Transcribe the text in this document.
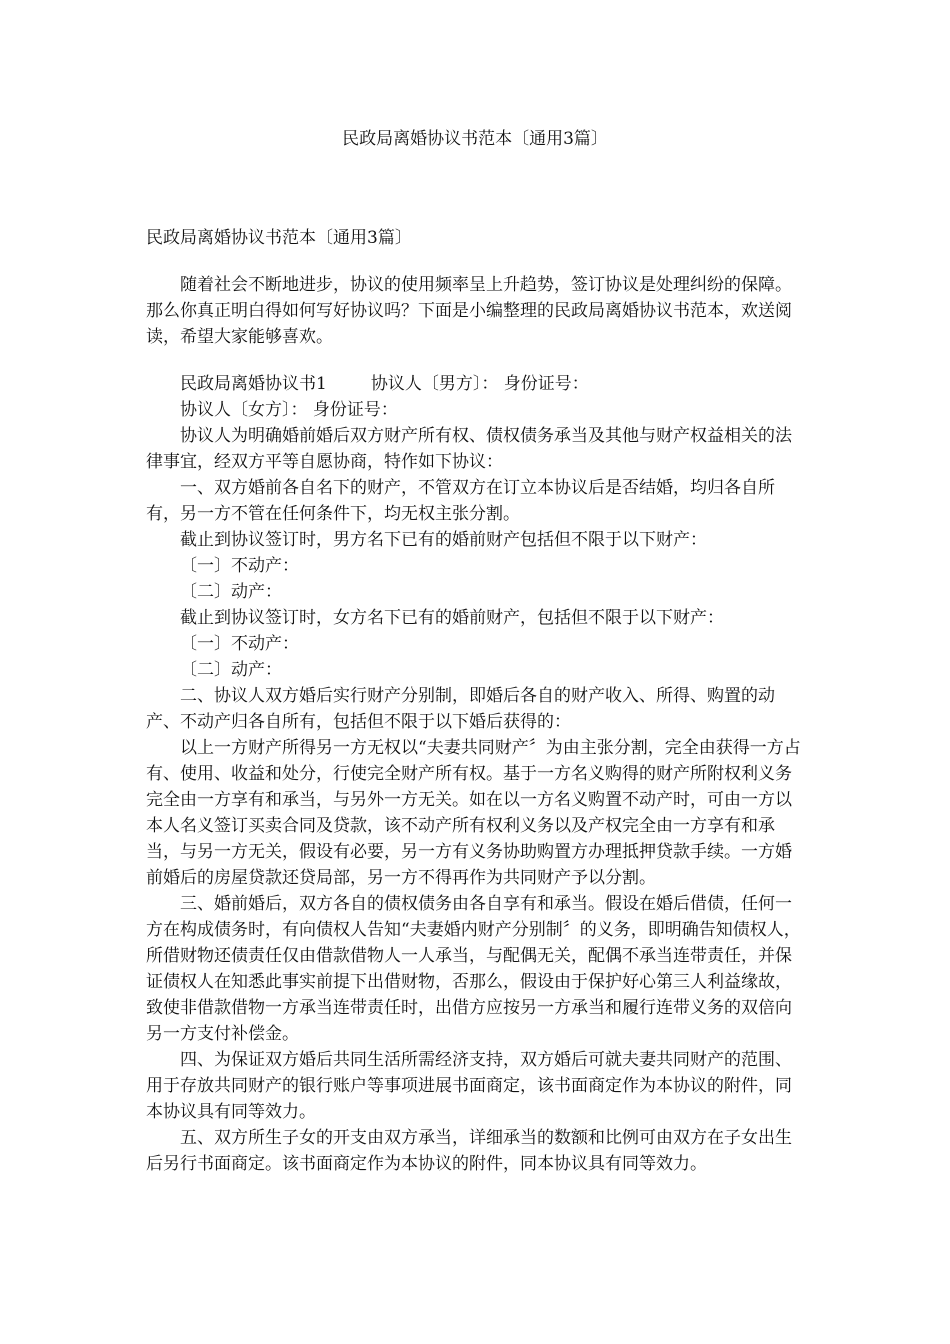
民政局离婚协议书范本〔通用3篇〕

民政局离婚协议书范本〔通用3篇〕

随着社会不断地进步，协议的使用频率呈上升趋势，签订协议是处理纠纷的保障。那么你真正明白得如何写好协议吗？下面是小编整理的民政局离婚协议书范本，欢送阅读，希望大家能够喜欢。

民政局离婚协议书1	协议人〔男方〕： 身份证号：

协议人〔女方〕： 身份证号：

协议人为明确婚前婚后双方财产所有权、债权债务承当及其他与财产权益相关的法律事宜，经双方平等自愿协商，特作如下协议：

一、双方婚前各自名下的财产，不管双方在订立本协议后是否结婚，均归各自所有，另一方不管在任何条件下，均无权主张分割。

截止到协议签订时，男方名下已有的婚前财产包括但不限于以下财产：

〔一〕不动产：

〔二〕动产：

截止到协议签订时，女方名下已有的婚前财产，包括但不限于以下财产：

〔一〕不动产：

〔二〕动产：

二、协议人双方婚后实行财产分别制，即婚后各自的财产收入、所得、购置的动产、不动产归各自所有，包括但不限于以下婚后获得的：

以上一方财产所得另一方无权以“夫妻共同财产〞为由主张分割，完全由获得一方占有、使用、收益和处分，行使完全财产所有权。基于一方名义购得的财产所附权利义务完全由一方享有和承当，与另外一方无关。如在以一方名义购置不动产时，可由一方以本人名义签订买卖合同及贷款，该不动产所有权利义务以及产权完全由一方享有和承当，与另一方无关，假设有必要，另一方有义务协助购置方办理抵押贷款手续。一方婚前婚后的房屋贷款还贷局部，另一方不得再作为共同财产予以分割。

三、婚前婚后，双方各自的债权债务由各自享有和承当。假设在婚后借债，任何一方在构成债务时，有向债权人告知“夫妻婚内财产分别制〞的义务，即明确告知债权人，所借财物还债责任仅由借款借物人一人承当，与配偶无关，配偶不承当连带责任，并保证债权人在知悉此事实前提下出借财物，否那么，假设由于保护好心第三人利益缘故，致使非借款借物一方承当连带责任时，出借方应按另一方承当和履行连带义务的双倍向另一方支付补偿金。

四、为保证双方婚后共同生活所需经济支持，双方婚后可就夫妻共同财产的范围、用于存放共同财产的银行账户等事项进展书面商定，该书面商定作为本协议的附件，同本协议具有同等效力。

五、双方所生子女的开支由双方承当，详细承当的数额和比例可由双方在子女出生后另行书面商定。该书面商定作为本协议的附件，同本协议具有同等效力。
